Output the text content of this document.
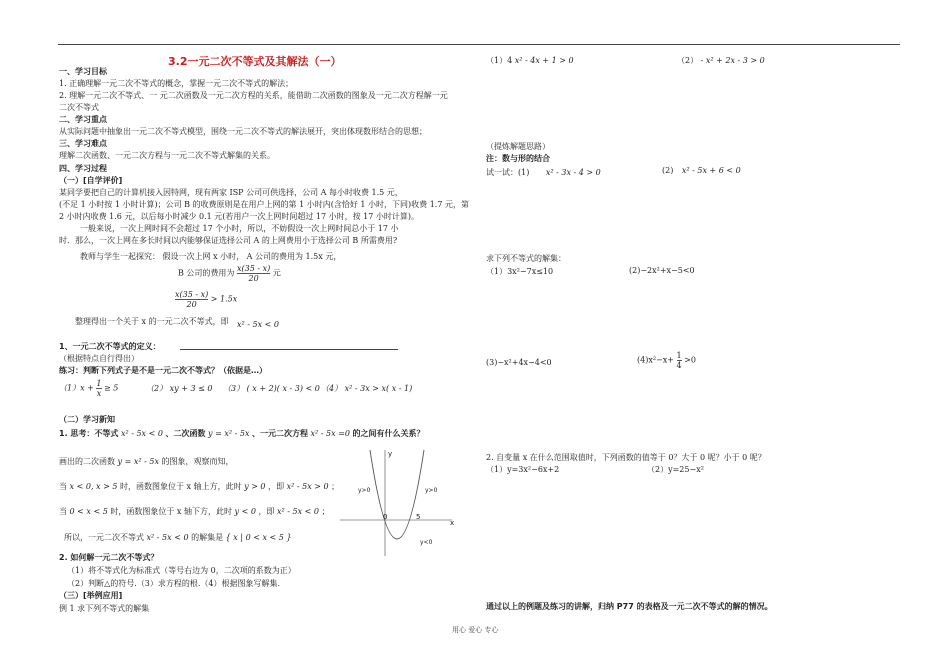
3.2一元二次不等式及其解法（一）
一、学习目标
1. 正确理解一元二次不等式的概念，掌握一元二次不等式的解法；
2. 理解一元二次不等式、一 元二次函数及一元二次方程的关系，能借助二次函数的图象及一元二次方程解一元
二次不等式
二、学习重点
从实际问题中抽象出一元二次不等式模型，围绕一元二次不等式的解法展开，突出体现数形结合的思想；
三、学习难点
理解二次函数、一元二次方程与一元二次不等式解集的关系。
四、学习过程
（一）[自学评价]
某同学要把自己的计算机接入因特网，现有两家 ISP 公司可供选择，公司 A 每小时收费 1.5 元，
(不足 1 小时按 1 小时计算)；公司 B 的收费原则是在用户上网的第 1 小时内(含恰好 1 小时，下同)收费 1.7 元，第
2 小时内收费 1.6 元，以后每小时减少 0.1 元(若用户一次上网时间超过 17 小时，按 17 小时计算)。
一般来说，一次上网时间不会超过 17 个小时，所以，不妨假设一次上网时间总小于 17 小
时．那么，一次上网在多长时间以内能够保证选择公司 A 的上网费用小于选择公司 B 所需费用?
教师与学生一起探究： 假设一次上网 x 小时， A 公司的费用为 1.5x 元，
B 公司的费用为 $\frac{x(35 - x)}{20}$ 元
$\frac{x(35 - x)}{20} > 1.5x$
整理得出一个关于 x 的一元二次不等式，即 x² - 5x < 0
1、一元二次不等式的定义：
（根据特点自行得出）
练习：判断下列式子是不是一元二次不等式？（依据是…）
$(1)x + \frac{1}{x} \ge 5$	（2） xy + 3 ≤ 0 （3） ( x + 2)( x - 3) < 0 （4） x² - 3x > x( x - 1)
（二）学习新知
1. 思考：不等式 x² - 5x < 0 、二次函数 y = x² - 5x 、一元二次方程 x² - 5x =0 的之间有什么关系？
画出的二次函数 y = x² - 5x 的图象，观察而知，
当 x < 0, x > 5 时，函数图象位于 x 轴上方，此时 y > 0 ，即 x² - 5x > 0 ；
当 0 < x < 5 时，函数图象位于 x 轴下方，此时 y < 0 ，即 x² - 5x < 0 ；
所以，一元二次不等式 x² - 5x < 0 的解集是 { x | 0 < x < 5 }
2. 如何解一元二次不等式？
（1）将不等式化为标准式（等号右边为 0，二次项的系数为正）
（2）判断△的符号.（3）求方程的根.（4）根据图象写解集.
（三）[举例应用]
例 1 求下列不等式的解集
x
0	5
y
y>0
y>0
y<0
（1）4 x² - 4x + 1 > 0	（2） - x² + 2x - 3 > 0
（提炼解题思路）
注：数与形的结合
试一试：(1) x² - 3x - 4 > 0	(2) x² - 5x + 6 < 0
求下列不等式的解集：
（1）3x²−7x≤10	(2)−2x²+x−5<0
(3)−x²+4x−4<0	$(4)x^2-x+ \frac{1}{4} >0$
2. 自变量 x 在什么范围取值时，下列函数的值等于 0？大于 0 呢？小于 0 呢？
（1）y=3x²−6x+2	（2）y=25−x²
通过以上的例题及练习的讲解，归纳 P77 的表格及一元二次不等式的解的情况。
用心 爱心 专心
